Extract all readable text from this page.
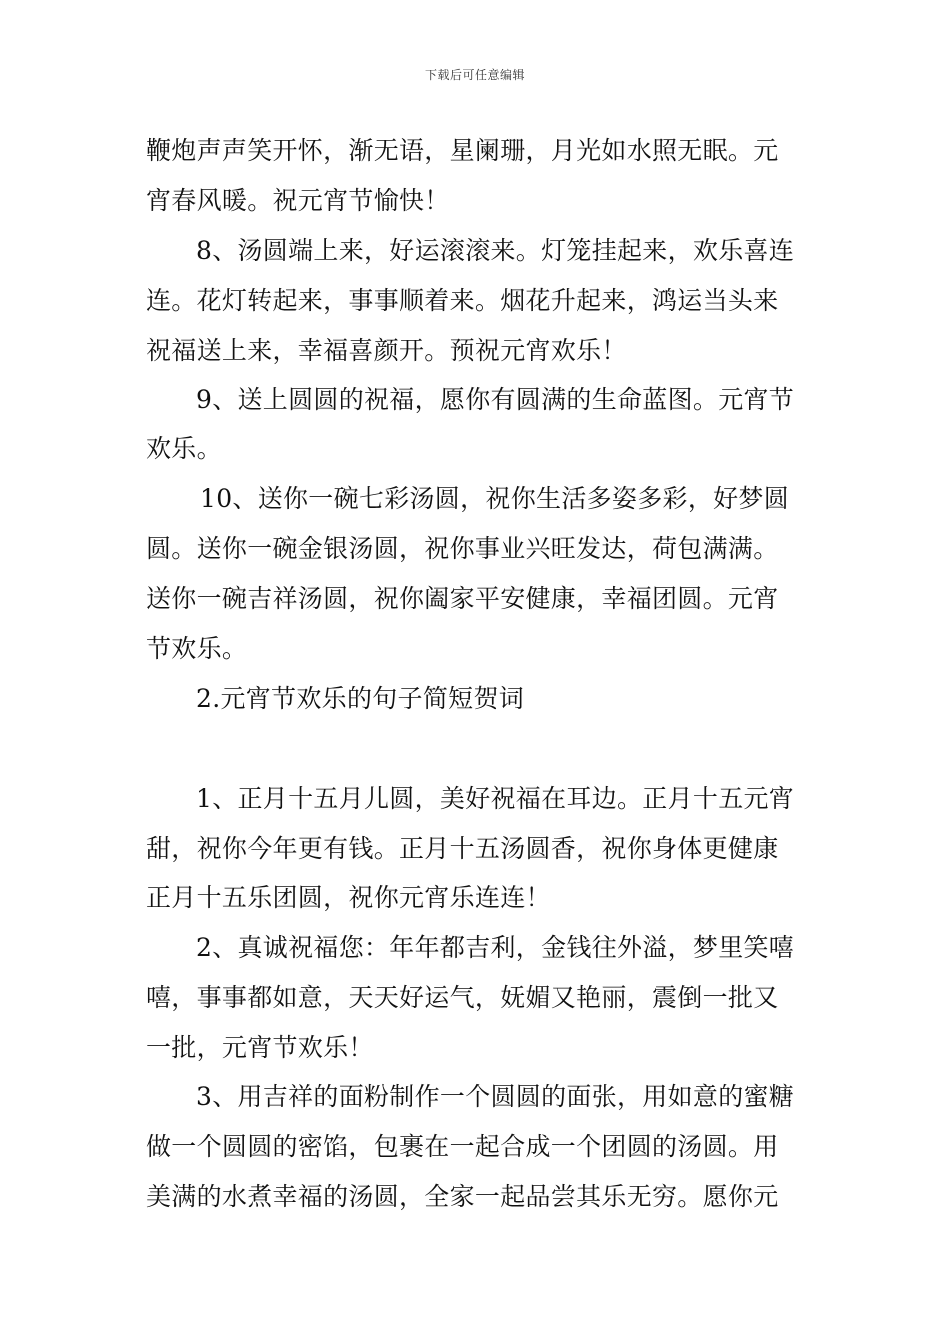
下载后可任意编辑
鞭炮声声笑开怀，渐无语，星阑珊，月光如水照无眠。元
宵春风暖。祝元宵节愉快！
8、汤圆端上来，好运滚滚来。灯笼挂起来，欢乐喜连
连。花灯转起来，事事顺着来。烟花升起来，鸿运当头来
祝福送上来，幸福喜颜开。预祝元宵欢乐！
9、送上圆圆的祝福，愿你有圆满的生命蓝图。元宵节
欢乐。
10、送你一碗七彩汤圆，祝你生活多姿多彩，好梦圆
圆。送你一碗金银汤圆，祝你事业兴旺发达，荷包满满。
送你一碗吉祥汤圆，祝你阖家平安健康，幸福团圆。元宵
节欢乐。
2.元宵节欢乐的句子简短贺词
1、正月十五月儿圆，美好祝福在耳边。正月十五元宵
甜，祝你今年更有钱。正月十五汤圆香，祝你身体更健康
正月十五乐团圆，祝你元宵乐连连！
2、真诚祝福您：年年都吉利，金钱往外溢，梦里笑嘻
嘻，事事都如意，天天好运气，妩媚又艳丽，震倒一批又
一批，元宵节欢乐！
3、用吉祥的面粉制作一个圆圆的面张，用如意的蜜糖
做一个圆圆的密馅，包裹在一起合成一个团圆的汤圆。用
美满的水煮幸福的汤圆，全家一起品尝其乐无穷。愿你元
